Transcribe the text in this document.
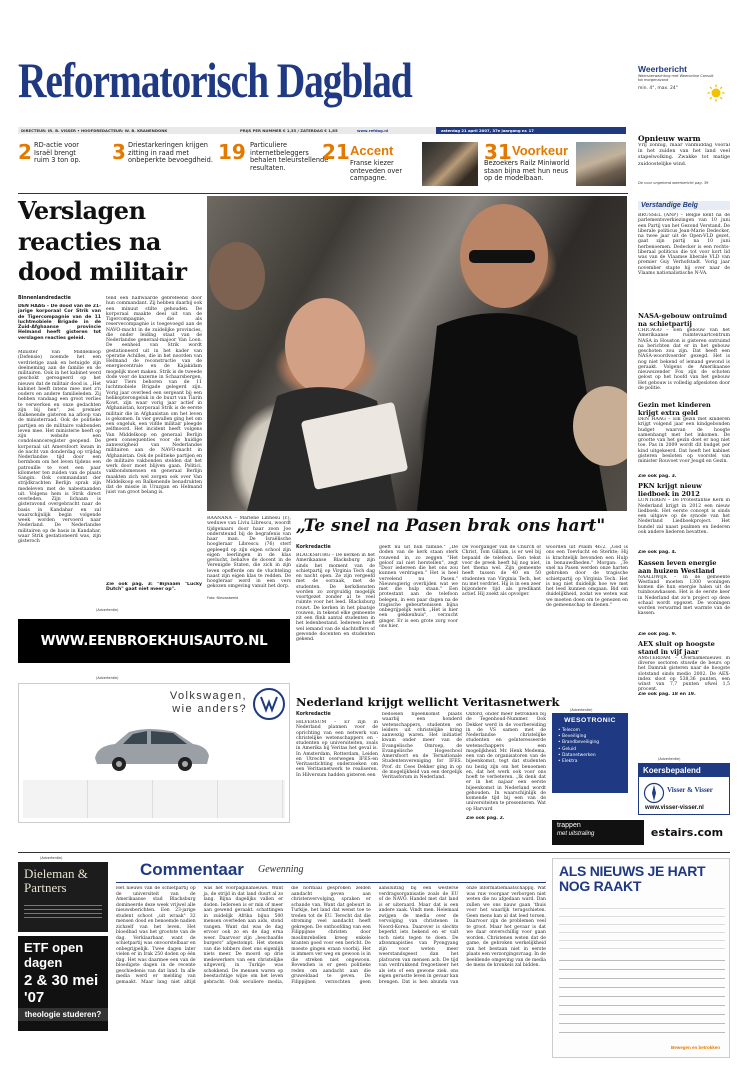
Reformatorisch Dagblad	Weerbericht
Weersverwachting met Weeronline Consult
tot morgenavond
min. 4°, max. 24°
DIRECTEUR: IR. B. VISSER • HOOFDREDACTEUR: W. B. KRANENDONK	PRIJS PER NUMMER € 1,35 / ZATERDAG € 1,85	www.refdag.nl	zaterdag 21 april 2007, 37e jaargang nr. 17
Opnieuw warm
Vrij zonnig, maar vanmiddag vooral in het zuiden van het land veel stapelwolking. Zwakke tot matige zuidoostelijke wind.
De voor ongekend weerbericht pag. 39
2 RD-actie voor Israël brengt ruim 3 ton op. 3 Driestarkeringen krijgen zitting in raad met onbeperkte bevoegdheid. 19 Particuliere internetbeleggers behalen teleurstellende resultaten.
21 Accent
Franse kiezer onteveden over campagne.
31 Voorkeur
Bezoekers Railz Miniworld staan bijna met hun neus op de modelbaan.
Verslagen reacties na dood militair
Binnenlandredactie
DEN HAAG – De dood van de 21-jarige korporaal Cor Strik van de Tigercompagnie van de 11 luchtmobiele Brigade in de Zuid-Afghaanse provincie Helmand heeft gisteren tot verslagen reacties geleid.
Minister Van Middelkoop (Defensie) noemde het een verdrietige zaak en betuigde zijn deelneming aan de familie en de militairen. Ook in het kabinet werd geschokt gereageerd op het nieuws dat de militair dood is. „Het kabinet heeft intens mee met z'n ouders en andere familieleden. Zij hebben vandaag een groot verlies te verwerken en onze gedachten zijn bij hen", zei premier Balkenende gisteren na afloop van de ministerraad. Ook de politieke partijen en de militaire vakbonden leven mee. Het ministerie heeft op zijn website een condoleanceregister geopend. De korporaal uit Amersfoort kwam in de nacht van donderdag op vrijdag Nederlandse tijd door een bermbom om het leven tijdens een patrouille te voet een paar kilometer ten zuiden van de plaats Sangin. Ook commandant der strijdkrachten Berlijn sprak zijn medeleven met de nabestaanden uit. Volgens hem is Strik direct overleden. Zijn lichaam is gisteravond overgebracht naar de basis in Kandahar en zal waarschijnlijk begin volgende week worden vervoerd naar Nederland. De Nederlandse militairen op de basis in Kandahar, waar Strik gestationeerd was, zijn gisteroch
tend een halfwaarde gebrefeend door hun commandant. Zij hebben daarbij ook een minuut stilte gehouden. De korporaal maakte deel uit van de Tigercompagnie, die als reservecompagnie is toegevoegd aan de NAVO-macht in de zuidelijke provincies, die onder leiding staat van de Nederlandse generaal-majoor Van Loon. De eenheid van Strik wordt gestationeerd uit in het kader van operatie Achilles, die in het noorden van Helmand de reconstructie van de energiecentrale en de Kajakidam mogelijk moet maken. Strik is de tweede dode voor de kazerne in Schaarsbergen, waar Tiers behoren van de 11 luchtmobiele Brigade gelegerd zijn. Vorig jaar overleed een sergeant bij een helikopterongeluk in de buurt van Tiarin Kowt, zijn waar vorig jaar actief in Afghanistan, korporaal Strik is de eerste militair die in Afghanistan om het leven is gekomen. In vier gevallen ging het om een ongeluk, een viifde militair pleegde zelfmoord. Het incident heeft volgens Van Middelkoop en generaal Berlijn geen consequenties voor de huidige aanwezigheid van Nederlandse militairen aan de NAVO-macht in Afghanistan. Ook de politieke partijen en de militaire vakbonden stelden dat het werk door moet blijven gaan. Politici, vakbondsmensen en generaal Berlijn maakten zich wel zorgen ook over Van Middelkoop en Balkenende benadrukten dat de missie in Uruzgan en Helmand juist van groot belang is.
Zie ook pag. 3: "Bijnaam "Lucky Dutch" gaat niet meer op".
RAANANA – Marlene Libnesu (r.), weduwe van Liviu Librescu, woordt tijdgenaars door haar zoon Joe ondersteund bij de begrafenis van haar man. De Israëlische hoogleraar Librescu (76) sterf gepleegd op zijn eigen school zijn eigen leerlingen in de klas gevlucht, behalve de docent in de Verenigde Staten, die zich in zijn leven opofferde om de vluchteling naast zijn eigen klas te redden. De hoogleraar werd in een vers gekozen omgeving vanuit het dorp.
Foto: Nieuwsbeeld
„Te snel na Pasen brak ons hart"
Korkredactie
BLACKSBURG – De kerken in het Amerikaanse Blacksburg zijn sinds het moment van de schietpartij op Virginia Tech dag en nacht open. Ze zijn vergeefd met de oorzaak, met de studenten. De kerkdiensten worden zo zorgvuldig mogelijk voortgezet zonder al te veel ruimte voor het leed. Blacksburg rouwt. De kerken in het plaatsje rouwen, in tekend elke gemeente zit een flink aantal studenten in het ledenbestand. Iedereen heeft wel iemand van de slachtoffers of gewonde docenten en studenten gekend.
geeft nu uit hun familie." „De doden van de kerk staan sterk rouwend in, zo zeggen "Het geloof zal niet herstellen", zegt "Door iedereen die het ons zou kunnen verdragen." Het is heel vervelend nu Pasen." Nieuwsgierig overlijden wat we met die hulp staan." Een protestant aan de telefoon belegen, in een paar dagen na de tragische gebeurtenissen bijna onbegrijpelijk werk. „Het is hier een gekkenhuis", verzucht ginger. Er is een grote zorg voor ons hier.
De voorganger van de Church of Christ, Tom Gilliam, is er wel bij bepaald de telefoon. Een tekst voor de preek heeft hij nog niet, het thema wel. Zijn gemeente heeft tussen de 40 en 50 studenten van Virginia Tech, het nu met verdriet. Hij is in een zeer bijzondere tijd als predikant actief. Hij zoekt als opvolger.
woorden uit Psalm 46:2. „God is ons een Toevlucht en Sterkte; Hij is krachtelijk bevonden een Hulp in benauwdheden." Morgan: „Te snel na Pasen werden onze harten gebroken door de tragische schietpartij op Virginia Tech. Het is nog niet duidelijk hoe we met het leed kunnen omgaan. Bid om duidelijkheid, zodat we weten wat we moeten doen om te genezen en de gemeenschap te dienen."
(Advertentie)
WWW.EENBROEKHUISAUTO.NL
(Advertentie)
Volkswagen, wie anders?	Nederland krijgt wellicht Veritasnetwerk
Korkredactie
HILVERSUM – Er zijn in Nederland plannen voor de oprichting van een netwerk van christelijke wetenschappers en -studenten op universiteiten, zoals in Amerika bij Veritas het geval is. In Amsterdam, Rotterdam, Leiden en Utrecht overwegen IFES-en Veritasstichting onderzoeken om een Veritasnetwerk te realiseren. In Hilversum hadden gisteren een
bedoelen bijeenkomst plaats waarbij een honderd wetenschappers, studenten en leiders uit christelijke kring aanwezig waren. Het initiatief kwam onder meer van de Evangelische Omroep, de Evangelische Hogeschool Amersfoort en de Ternationale Studentenvereniging for IFES. Prof. dr. Cees Dekker ging in op de mogelijkheid van een dergelijk Veritasforum in Nederland.
Oxford, onder meer betrokken bij de Tegenhoud-Nummer. Ook Dekker werd in de voorbereiding in de VS samen met de Nederlandse christelijke studenten en geïnteresseerde wetenschappers een mogelijkheid. Mr. Henk Medema, een van de organisatoren van de bijeenkomst, tegt dat studenten nu bezig zijn om het benoemen en, dat het werk ook voor ons hoeft te verbeteren. „Ik denk dat er in het najaar een eerste bijeenkomst in Nederland wordt gehouden. In waarschijnlijk de komende tijd bij een van de universiteiten te presenteren. Wat op Harvard
Zie ook pag. 2.
(Advertentie)
WESOTRONIC
• Telecom
• Beveiliging
• Brandbeveiliging
• Geluid
• Datanetwerken
• Elektra
Verstandige Belg
BRUSSEL (ANP) – België kent na de parlementsverkiezingen van 10 juni een Partij van het Gezond Verstand. De liberale politicus Jean-Marie Dedecker, na twee jaar uit de Open-VLD gezet, gaat zijn partij na 10 juni herbenoemen. Dedecker is een rechts-liberaal politicus die tot voor kort lid was van de Vlaamse liberale VLD van premier Guy Verhofstadt. Vorig jaar november stapte hij over naar de Vlaams nationalistische N-VA.
NASA-gebouw ontruimd na schietpartij
CHICAGO – Een gebouw van het Amerikaanse ruimtevaartcentrum NASA in Houston is gisteren ontruimd na berichten dat er in het gebouw geschoten zou zijn. Dat heeft een NASA-woordvoerder gezegd. Het is nog niet bekend of iemand gewond is geraakt. Volgens de Amerikaanse nieuwszender Fox zijn de schoten gelost op het hoofd van het gebouw Het gebouw is volledig afgesloten door de politie.
Gezin met kinderen krijgt extra geld
DEN HAAG – Elk gezin met kinderen krijgt volgend jaar een kindgebonden budget waarvan de hoogte samenhangt met het inkomen. De grootte van het gezin doet er nog niet toe. Pas in 2009 wordt dit budget per kind uitgekeerd. Dat heeft het kabinet gisteren besloten op voorstel van minister Rouvoet voor Jeugd en Gezin.
Zie ook pag. 3.
PKN krijgt nieuw liedboek in 2012
LUNTEREN – De Protestantse Kerk in Nederland krijgt in 2012 een nieuw liedboek. Het eerste concept is sinds een uitgave op de synode van het Nederland Liedboekproject. Het bundel zal naast psalmen en liederen ook andere liederen bevatten.
Zie ook pag. 4.
Kassen leven energie aan huizen Westland
NAALDWIJK – In de gemeente Westland moeten 1300 woningen komen die hun energie halen uit de tuinbouwkassen. Het is de eerste keer in Nederland dat zo'n project op deze schaal wordt opgezet. De woningen worden verwarmd met warmte van de kassen.
Zie ook pag. 9.
AEX sluit op hoogste stand in vijf jaar
AMSTERDAM – Overnamenieuws in diverse sectoren stuwde de beurs op het Damrak gisteren naar de hoogste slotstand sinds medio 2002. De AEX-index sloot op 538,36 punten, een winst van 7,7 punten ofwel 1,5 procent.
Zie ook pag. 18 en 19.
(Advertentie)
Koersbepalend
Visser & Visser
www.visser-visser.nl
trappen
met uitstraling	estairs.com
(Advertentie)
Dieleman & Partners
ETF open dagen
2 & 30 mei '07
theologie studeren?
Commentaar Gewenning
Het nieuws van de schietpartij op de universiteit van de Amerikaanse stad Blacksburg domineerde deze week vrijwel alle nieuwsberichten. Een 23-jarige student schoot „uit wraak" 32 mensen dood en benoemde nadien zichzelf van het leven. Het bloedbad was het grootste van de dag. Verklaarbaar, want de schietpartij was onvoorstelbaar en onbegrijpelijk. Twee dagen later vielen er in Irak 250 doden op één dag. Het was daarmee een van de bloedigste dagen in de recente geschiedenis van dat land. In alle media werd er melding van gemaakt. Maar lang niet altijd was het voorpaginanieuws. Want ja, de strijd in dat land duurt al zo lang. Bijna dagelijks vallen er doden. Iedereen is er min of meer aan gewend geraakt. schattingen in zuidelijk Afrika bijna 500 mensen overleden aan aids, stond vangen. Want dat was de dag ervoor ook zo en de dag erna weer. Daarvoor zijn „beschaafde burgers" afgestompt. Het stenen van die tobbers doet ons eigenlijk niets meer. De moord op drie medewerkers van een christelijke uitgeverij in Turkije was schokkend. De mensen waren op beestachtige wijze om het leven gebracht. Ook seculiere media, die normaal gesproken zelden aandacht geven aan christenvervolging, spraken er schande van. Want dat gebeurt in Turkije, het land dat wenst toe te treden tot de EU. Terecht dat die stroming veel aandacht heeft gekregen. De onthoofding van een Filippijnse christen door moslimrebellen kreeg enkele kranten goed voor een bericht. De moeste gingen eraan voorbij. Het is immers ver weg en gewoon is in die streken niet ongewoon. Bovendien is er geen politieke reden om aandacht aan die gruweldaad te geven. De Filippijnen verzochten geen aansluiting bij een westerse verdragsorganisatie zoals de EU of de NAVO. Handel met dat land is er uiteraard. Maar dat is een andere zaak. Vindt men. Helemaal zwijgen de media over de vervolging van christenen in Noord-Korea. Daarover is slechts beperkt iets bekend en er valt toch niets tegen te doen. De afzonmapisties van Pyongyang zijn voor weten meer weerstandsgeest dan het platvaren van mensen ach. De tijd van verdrukkend fregoetiseer het als iets of een gewone ziek. ons eigen gerustte leven in gevaar kan brengen. Dat is hen abunda van onze informatiemaatschappij. Wat was ruw voorgaar verborgen niet weten die nu afgedaan ward. Dan zullen we ons nauw gaan 'thuis voor het waarlijk terugschieten. Geen mens kan al dat leed torsen. Daarvoor zijn de problemen veel te groot. Maar het gevaar is dat we daar onverschillig voor gaan worden. Christenen weten dat de game, de gebroken werkelijkheid van het bestaan niet in eerste plaats een verzorgingsvraag. In de beeldende omgeving van de media de mens de kronkels zal bidden.
ALS NIEUWS JE HART NOG RAAKT
Bewegen en betrokken
